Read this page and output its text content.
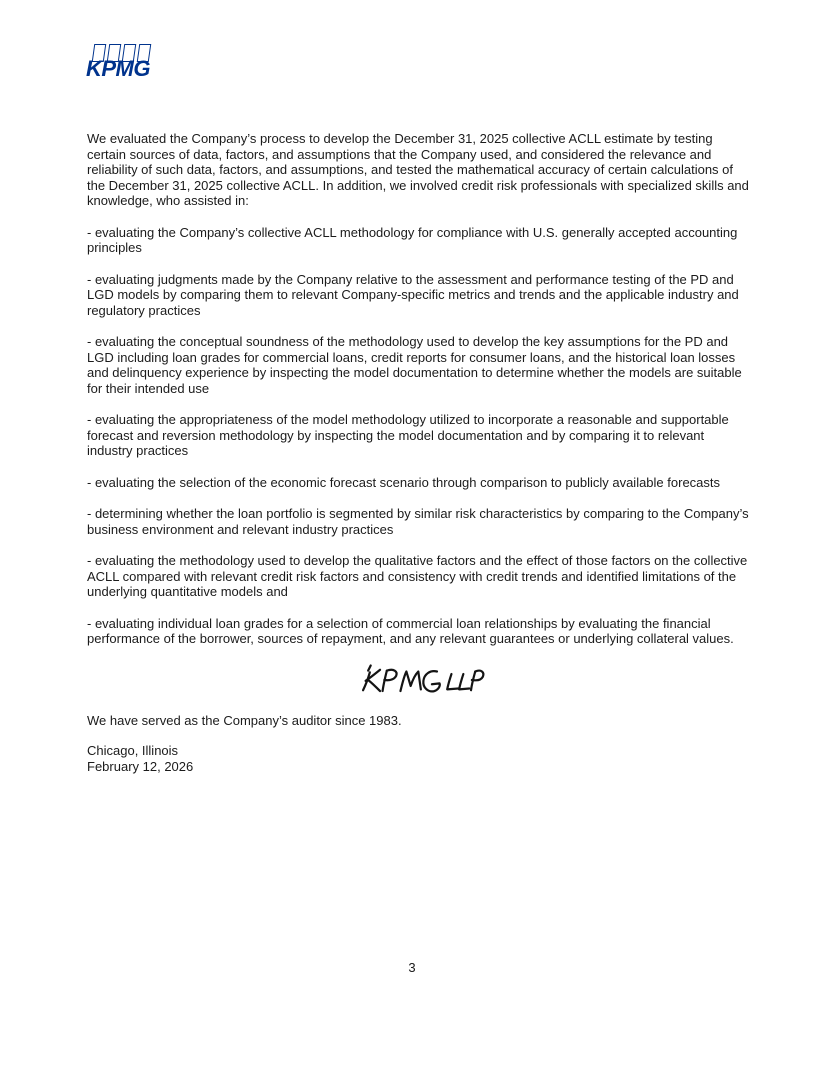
KPMG

We evaluated the Company’s process to develop the December 31, 2025 collective ACLL estimate by testing certain sources of data, factors, and assumptions that the Company used, and considered the relevance and reliability of such data, factors, and assumptions, and tested the mathematical accuracy of certain calculations of the December 31, 2025 collective ACLL. In addition, we involved credit risk professionals with specialized skills and knowledge, who assisted in:

- evaluating the Company’s collective ACLL methodology for compliance with U.S. generally accepted accounting principles

- evaluating judgments made by the Company relative to the assessment and performance testing of the PD and LGD models by comparing them to relevant Company-specific metrics and trends and the applicable industry and regulatory practices

- evaluating the conceptual soundness of the methodology used to develop the key assumptions for the PD and LGD including loan grades for commercial loans, credit reports for consumer loans, and the historical loan losses and delinquency experience by inspecting the model documentation to determine whether the models are suitable for their intended use

- evaluating the appropriateness of the model methodology utilized to incorporate a reasonable and supportable forecast and reversion methodology by inspecting the model documentation and by comparing it to relevant industry practices

- evaluating the selection of the economic forecast scenario through comparison to publicly available forecasts

- determining whether the loan portfolio is segmented by similar risk characteristics by comparing to the Company’s business environment and relevant industry practices

- evaluating the methodology used to develop the qualitative factors and the effect of those factors on the collective ACLL compared with relevant credit risk factors and consistency with credit trends and identified limitations of the underlying quantitative models and

- evaluating individual loan grades for a selection of commercial loan relationships by evaluating the financial performance of the borrower, sources of repayment, and any relevant guarantees or underlying collateral values.

We have served as the Company’s auditor since 1983.

Chicago, Illinois

February 12, 2026

3
